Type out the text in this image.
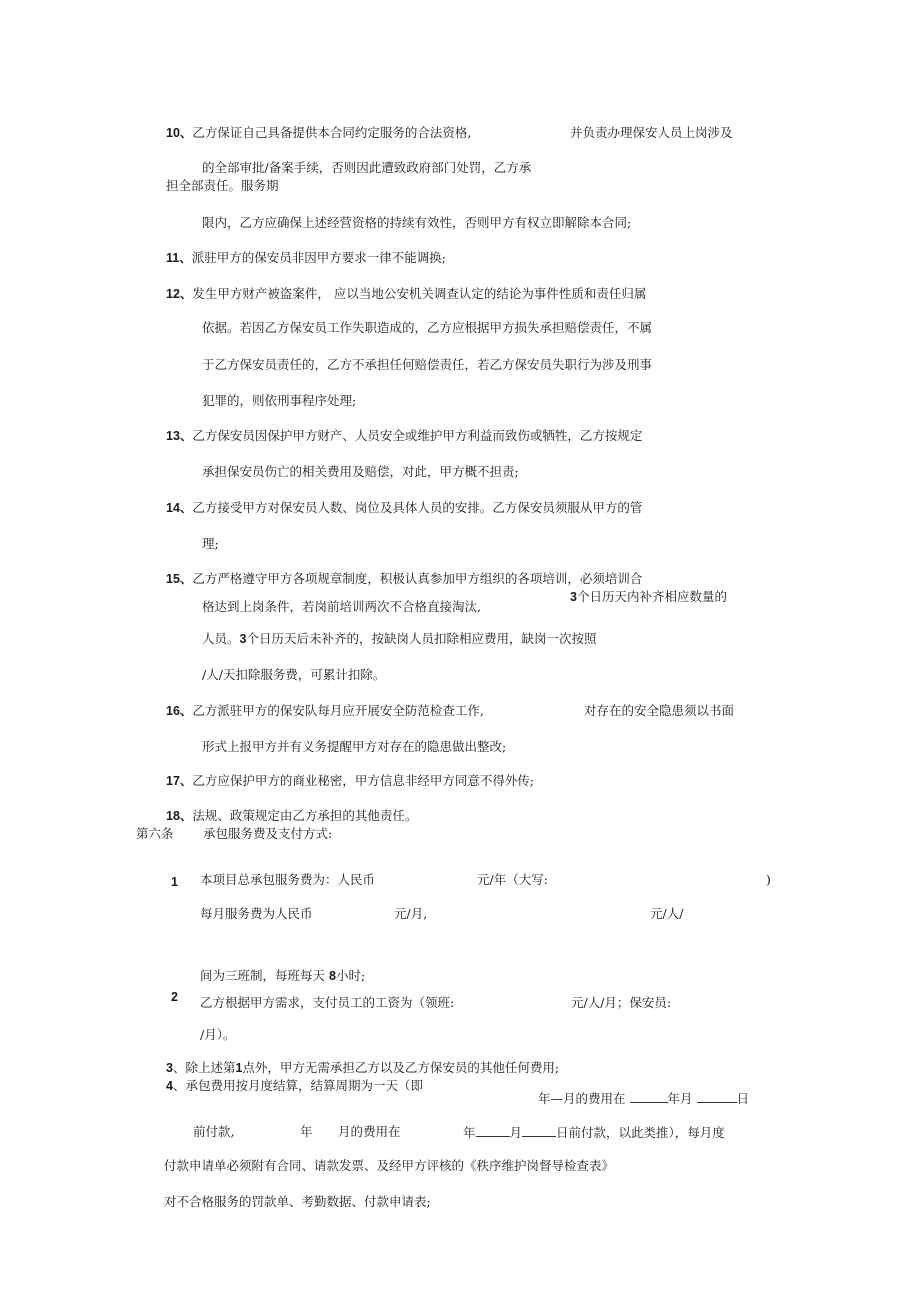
10、乙方保证自己具备提供本合同约定服务的合法资格,	并负责办理保安人员上岗涉及
的全部审批/备案手续，否则因此遭致政府部门处罚，乙方承
担全部责任。服务期
限内，乙方应确保上述经营资格的持续有效性，否则甲方有权立即解除本合同;
11、派驻甲方的保安员非因甲方要求一律不能调换;
12、发生甲方财产被盗案件， 应以当地公安机关调查认定的结论为事件性质和责任归属
依据。若因乙方保安员工作失职造成的，乙方应根据甲方损失承担赔偿责任，不属
于乙方保安员责任的，乙方不承担任何赔偿责任，若乙方保安员失职行为涉及刑事
犯罪的，则依刑事程序处理;
13、乙方保安员因保护甲方财产、人员安全或维护甲方利益而致伤或牺牲，乙方按规定
承担保安员伤亡的相关费用及赔偿，对此，甲方概不担责;
14、乙方接受甲方对保安员人数、岗位及具体人员的安排。乙方保安员须服从甲方的管
理;
15、乙方严格遵守甲方各项规章制度，积极认真参加甲方组织的各项培训，必须培训合
格达到上岗条件，若岗前培训两次不合格直接淘汰,
3个日历天内补齐相应数量的
人员。3个日历天后未补齐的，按缺岗人员扣除相应费用，缺岗一次按照
/人/天扣除服务费，可累计扣除。
16、乙方派驻甲方的保安队每月应开展安全防范检查工作,	对存在的安全隐患须以书面
形式上报甲方并有义务提醒甲方对存在的隐患做出整改;
17、乙方应保护甲方的商业秘密，甲方信息非经甲方同意不得外传;
18、法规、政策规定由乙方承担的其他责任。
第六条 承包服务费及支付方式:
1 本项目总承包服务费为：人民币	元/年（大写:	)
每月服务费为人民币	元/月,	元/人/
间为三班制，每班每天 8小时;
2 乙方根据甲方需求，支付员工的工资为（领班:	元/人/月；保安员:
/月）。
3、除上述第1点外，甲方无需承担乙方以及乙方保安员的其他任何费用;
4、承包费用按月度结算，结算周期为一天（即
年—月的费用在	年月	日
前付款,	年 月的费用在	年	月	日前付款，以此类推），每月度
付款申请单必须附有合同、请款发票、及经甲方评核的《秩序维护岗督导检查表》
对不合格服务的罚款单、考勤数据、付款申请表;
